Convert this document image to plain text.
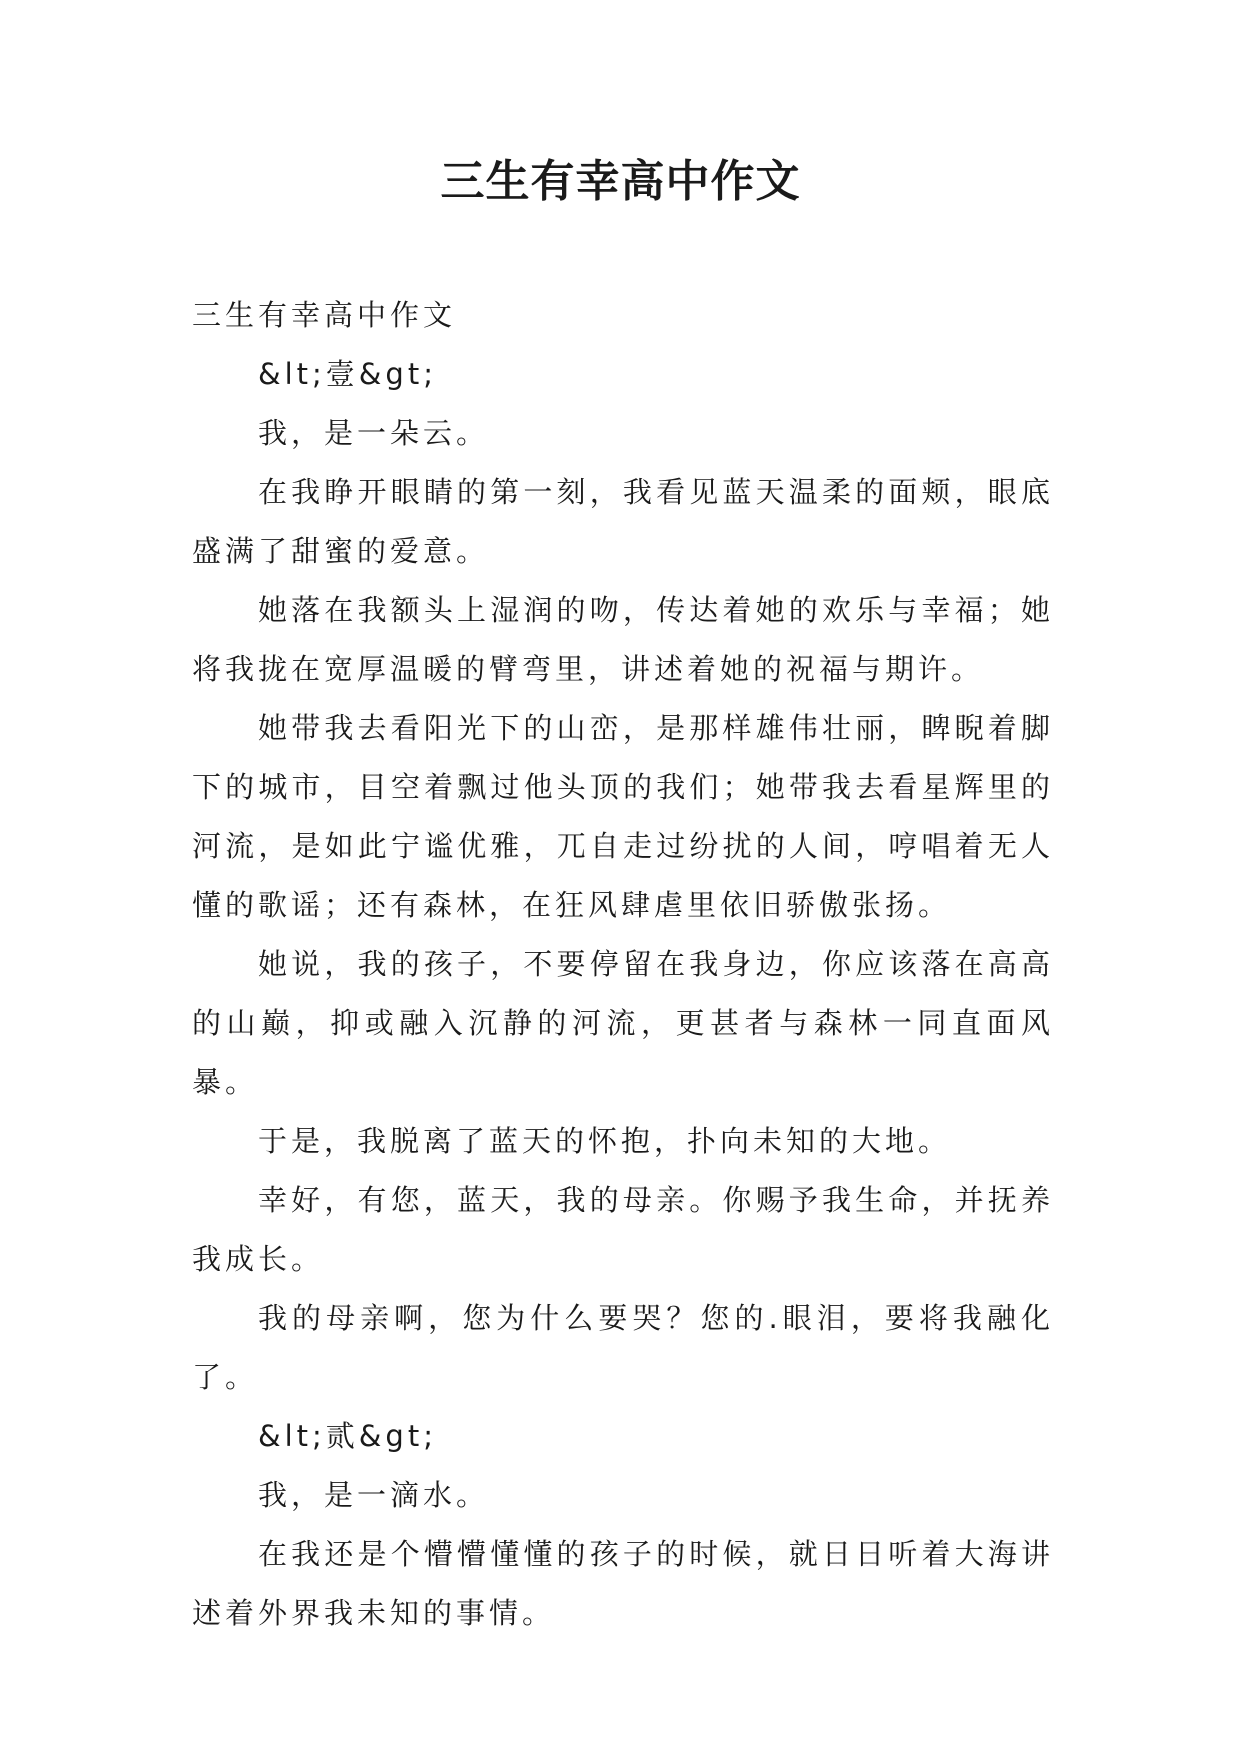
三生有幸高中作文

三生有幸高中作文

&lt;壹&gt;

我，是一朵云。

在我睁开眼睛的第一刻，我看见蓝天温柔的面颊，眼底盛满了甜蜜的爱意。

她落在我额头上湿润的吻，传达着她的欢乐与幸福；她将我拢在宽厚温暖的臂弯里，讲述着她的祝福与期许。

她带我去看阳光下的山峦，是那样雄伟壮丽，睥睨着脚下的城市，目空着飘过他头顶的我们；她带我去看星辉里的河流，是如此宁谧优雅，兀自走过纷扰的人间，哼唱着无人懂的歌谣；还有森林，在狂风肆虐里依旧骄傲张扬。

她说，我的孩子，不要停留在我身边，你应该落在高高的山巅，抑或融入沉静的河流，更甚者与森林一同直面风暴。

于是，我脱离了蓝天的怀抱，扑向未知的大地。

幸好，有您，蓝天，我的母亲。你赐予我生命，并抚养我成长。

我的母亲啊，您为什么要哭？您的.眼泪，要将我融化了。

&lt;贰&gt;

我，是一滴水。

在我还是个懵懵懂懂的孩子的时候，就日日听着大海讲述着外界我未知的事情。
